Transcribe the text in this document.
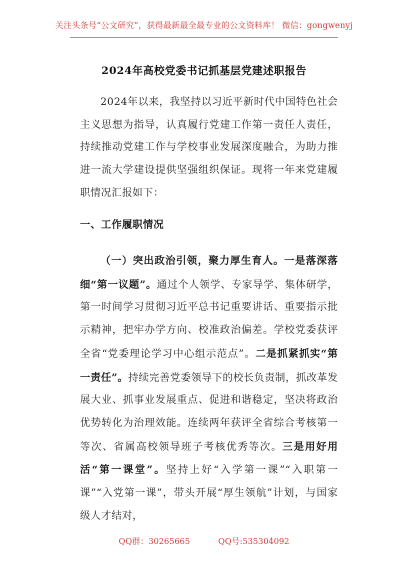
关注头条号“公文研究”，获得最新最全最专业的公文资料库！ 微信：gongwenyj
2024年高校党委书记抓基层党建述职报告

2024年以来，我坚持以习近平新时代中国特色社会主义思想为指导，认真履行党建工作第一责任人责任，持续推动党建工作与学校事业发展深度融合，为助力推进一流大学建设提供坚强组织保证。现将一年来党建履职情况汇报如下：

一、工作履职情况

（一）突出政治引领，聚力厚生育人。一是落深落细“第一议题”。通过个人领学、专家导学、集体研学，第一时间学习贯彻习近平总书记重要讲话、重要指示批示精神，把牢办学方向、校准政治偏差。学校党委获评全省“党委理论学习中心组示范点”。二是抓紧抓实“第一责任”。持续完善党委领导下的校长负责制，抓改革发展大业、抓事业发展重点、促进和谐稳定，坚决将政治优势转化为治理效能。连续两年获评全省综合考核第一等次、省属高校领导班子考核优秀等次。三是用好用活“第一课堂”。坚持上好“入学第一课”“入职第一课”“入党第一课”，带头开展“厚生领航”计划，与国家级人才结对，

QQ群：30265665	QQ号:535304092
